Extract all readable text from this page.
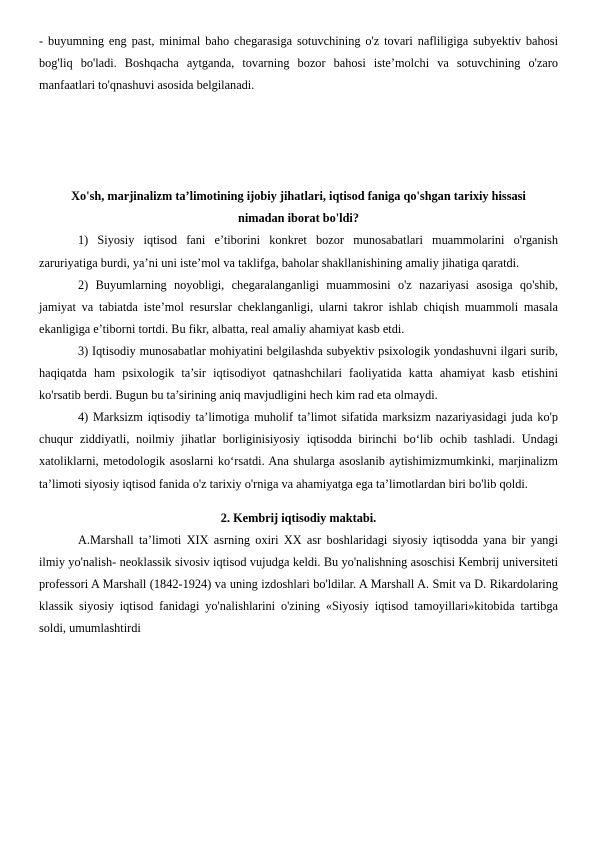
- buyumning eng past, minimal baho chegarasiga sotuvchining o'z tovari nafliligiga subyektiv bahosi bog'liq bo'ladi. Boshqacha aytganda, tovarning bozor bahosi iste’molchi va sotuvchining o'zaro manfaatlari to'qnashuvi asosida belgilanadi.

Xo'sh, marjinalizm ta’limotining ijobiy jihatlari, iqtisod faniga qo'shgan tarixiy hissasi nimadan iborat bo'ldi?

1) Siyosiy iqtisod fani e’tiborini konkret bozor munosabatlari muammolarini o'rganish zaruriyatiga burdi, ya’ni uni iste’mol va taklifga, baholar shakllanishining amaliy jihatiga qaratdi.

2) Buyumlarning noyobligi, chegaralanganligi muammosini o'z nazariyasi asosiga qo'shib, jamiyat va tabiatda iste’mol resurslar cheklanganligi, ularni takror ishlab chiqish muammoli masala ekanligiga e’tiborni tortdi. Bu fikr, albatta, real amaliy ahamiyat kasb etdi.

3) Iqtisodiy munosabatlar mohiyatini belgilashda subyektiv psixologik yondashuvni ilgari surib, haqiqatda ham psixologik ta’sir iqtisodiyot qatnashchilari faoliyatida katta ahamiyat kasb etishini ko'rsatib berdi. Bugun bu ta’sirining aniq mavjudligini hech kim rad eta olmaydi.

4) Marksizm iqtisodiy ta’limotiga muholif ta’limot sifatida marksizm nazariyasidagi juda ko'p chuqur ziddiyatli, noilmiy jihatlar borliginisiyosiy iqtisodda birinchi bo‘lib ochib tashladi. Undagi xatoliklarni, metodologik asoslarni ko‘rsatdi. Ana shularga asoslanib aytishimizmumkinki, marjinalizm ta’limoti siyosiy iqtisod fanida o'z tarixiy o'rniga va ahamiyatga ega ta’limotlardan biri bo'lib qoldi.

2. Kembrij iqtisodiy maktabi.

A.Marshall ta’limoti XIX asrning oxiri XX asr boshlaridagi siyosiy iqtisodda yana bir yangi ilmiy yo'nalish- neoklassik sivosiv iqtisod vujudga keldi. Bu yo'nalishning asoschisi Kembrij universiteti professori A Marshall (1842-1924) va uning izdoshlari bo'ldilar. A Marshall A. Smit va D. Rikardolaring klassik siyosiy iqtisod fanidagi yo'nalishlarini o'zining «Siyosiy iqtisod tamoyillari»kitobida tartibga soldi, umumlashtirdi
